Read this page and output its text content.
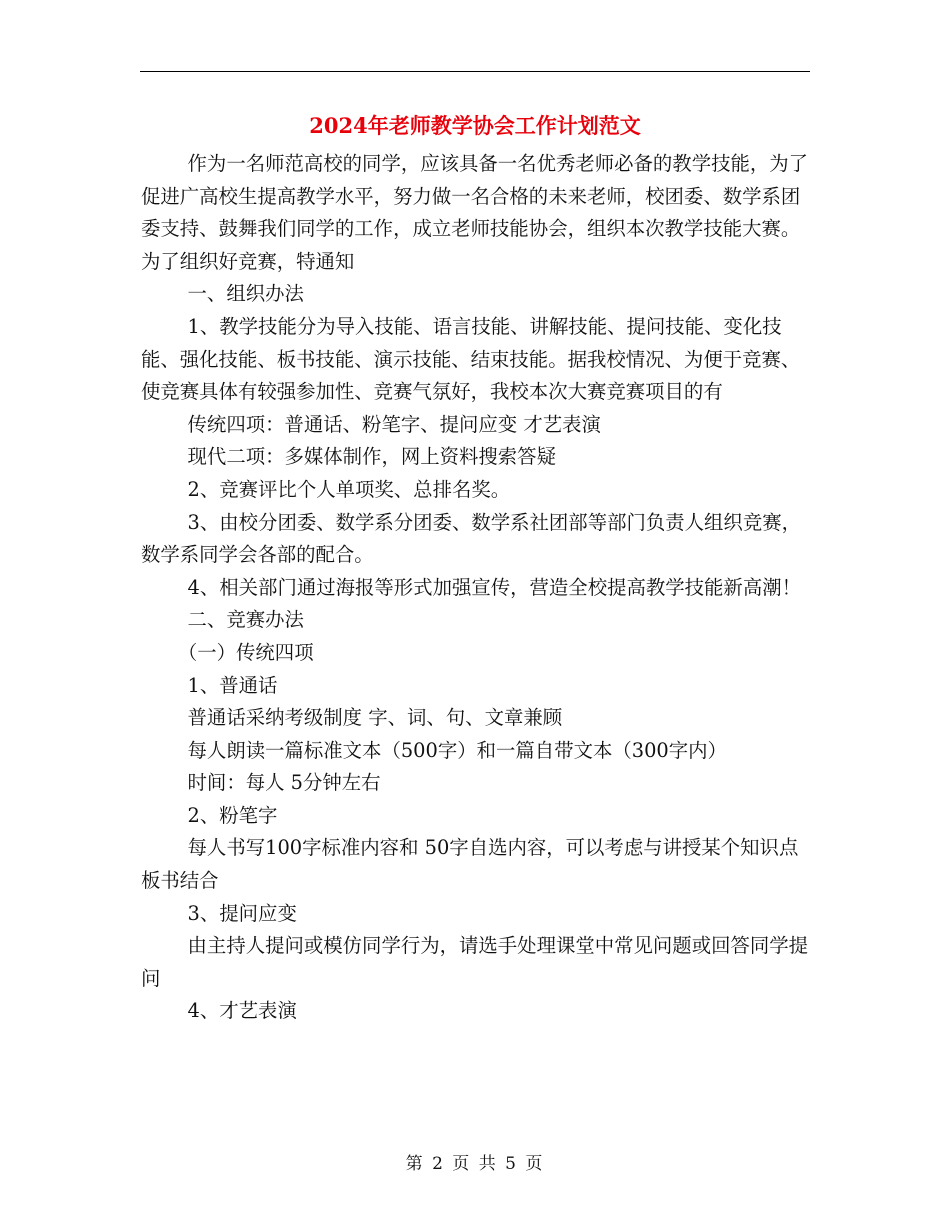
2024年老师教学协会工作计划范文

作为一名师范高校的同学，应该具备一名优秀老师必备的教学技能，为了促进广高校生提高教学水平，努力做一名合格的未来老师，校团委、数学系团委支持、鼓舞我们同学的工作，成立老师技能协会，组织本次教学技能大赛。为了组织好竞赛，特通知

一、组织办法

1、教学技能分为导入技能、语言技能、讲解技能、提问技能、变化技能、强化技能、板书技能、演示技能、结束技能。据我校情况、为便于竞赛、使竞赛具体有较强参加性、竞赛气氛好，我校本次大赛竞赛项目的有

传统四项：普通话、粉笔字、提问应变 才艺表演

现代二项：多媒体制作，网上资料搜索答疑

2、竞赛评比个人单项奖、总排名奖。

3、由校分团委、数学系分团委、数学系社团部等部门负责人组织竞赛，数学系同学会各部的配合。

4、相关部门通过海报等形式加强宣传，营造全校提高教学技能新高潮！

二、竞赛办法

（一）传统四项

1、普通话

普通话采纳考级制度 字、词、句、文章兼顾

每人朗读一篇标准文本（500字）和一篇自带文本（300字内）

时间：每人 5分钟左右

2、粉笔字

每人书写100字标准内容和 50字自选内容，可以考虑与讲授某个知识点板书结合

3、提问应变

由主持人提问或模仿同学行为，请选手处理课堂中常见问题或回答同学提问

4、才艺表演

第 2 页 共 5 页
